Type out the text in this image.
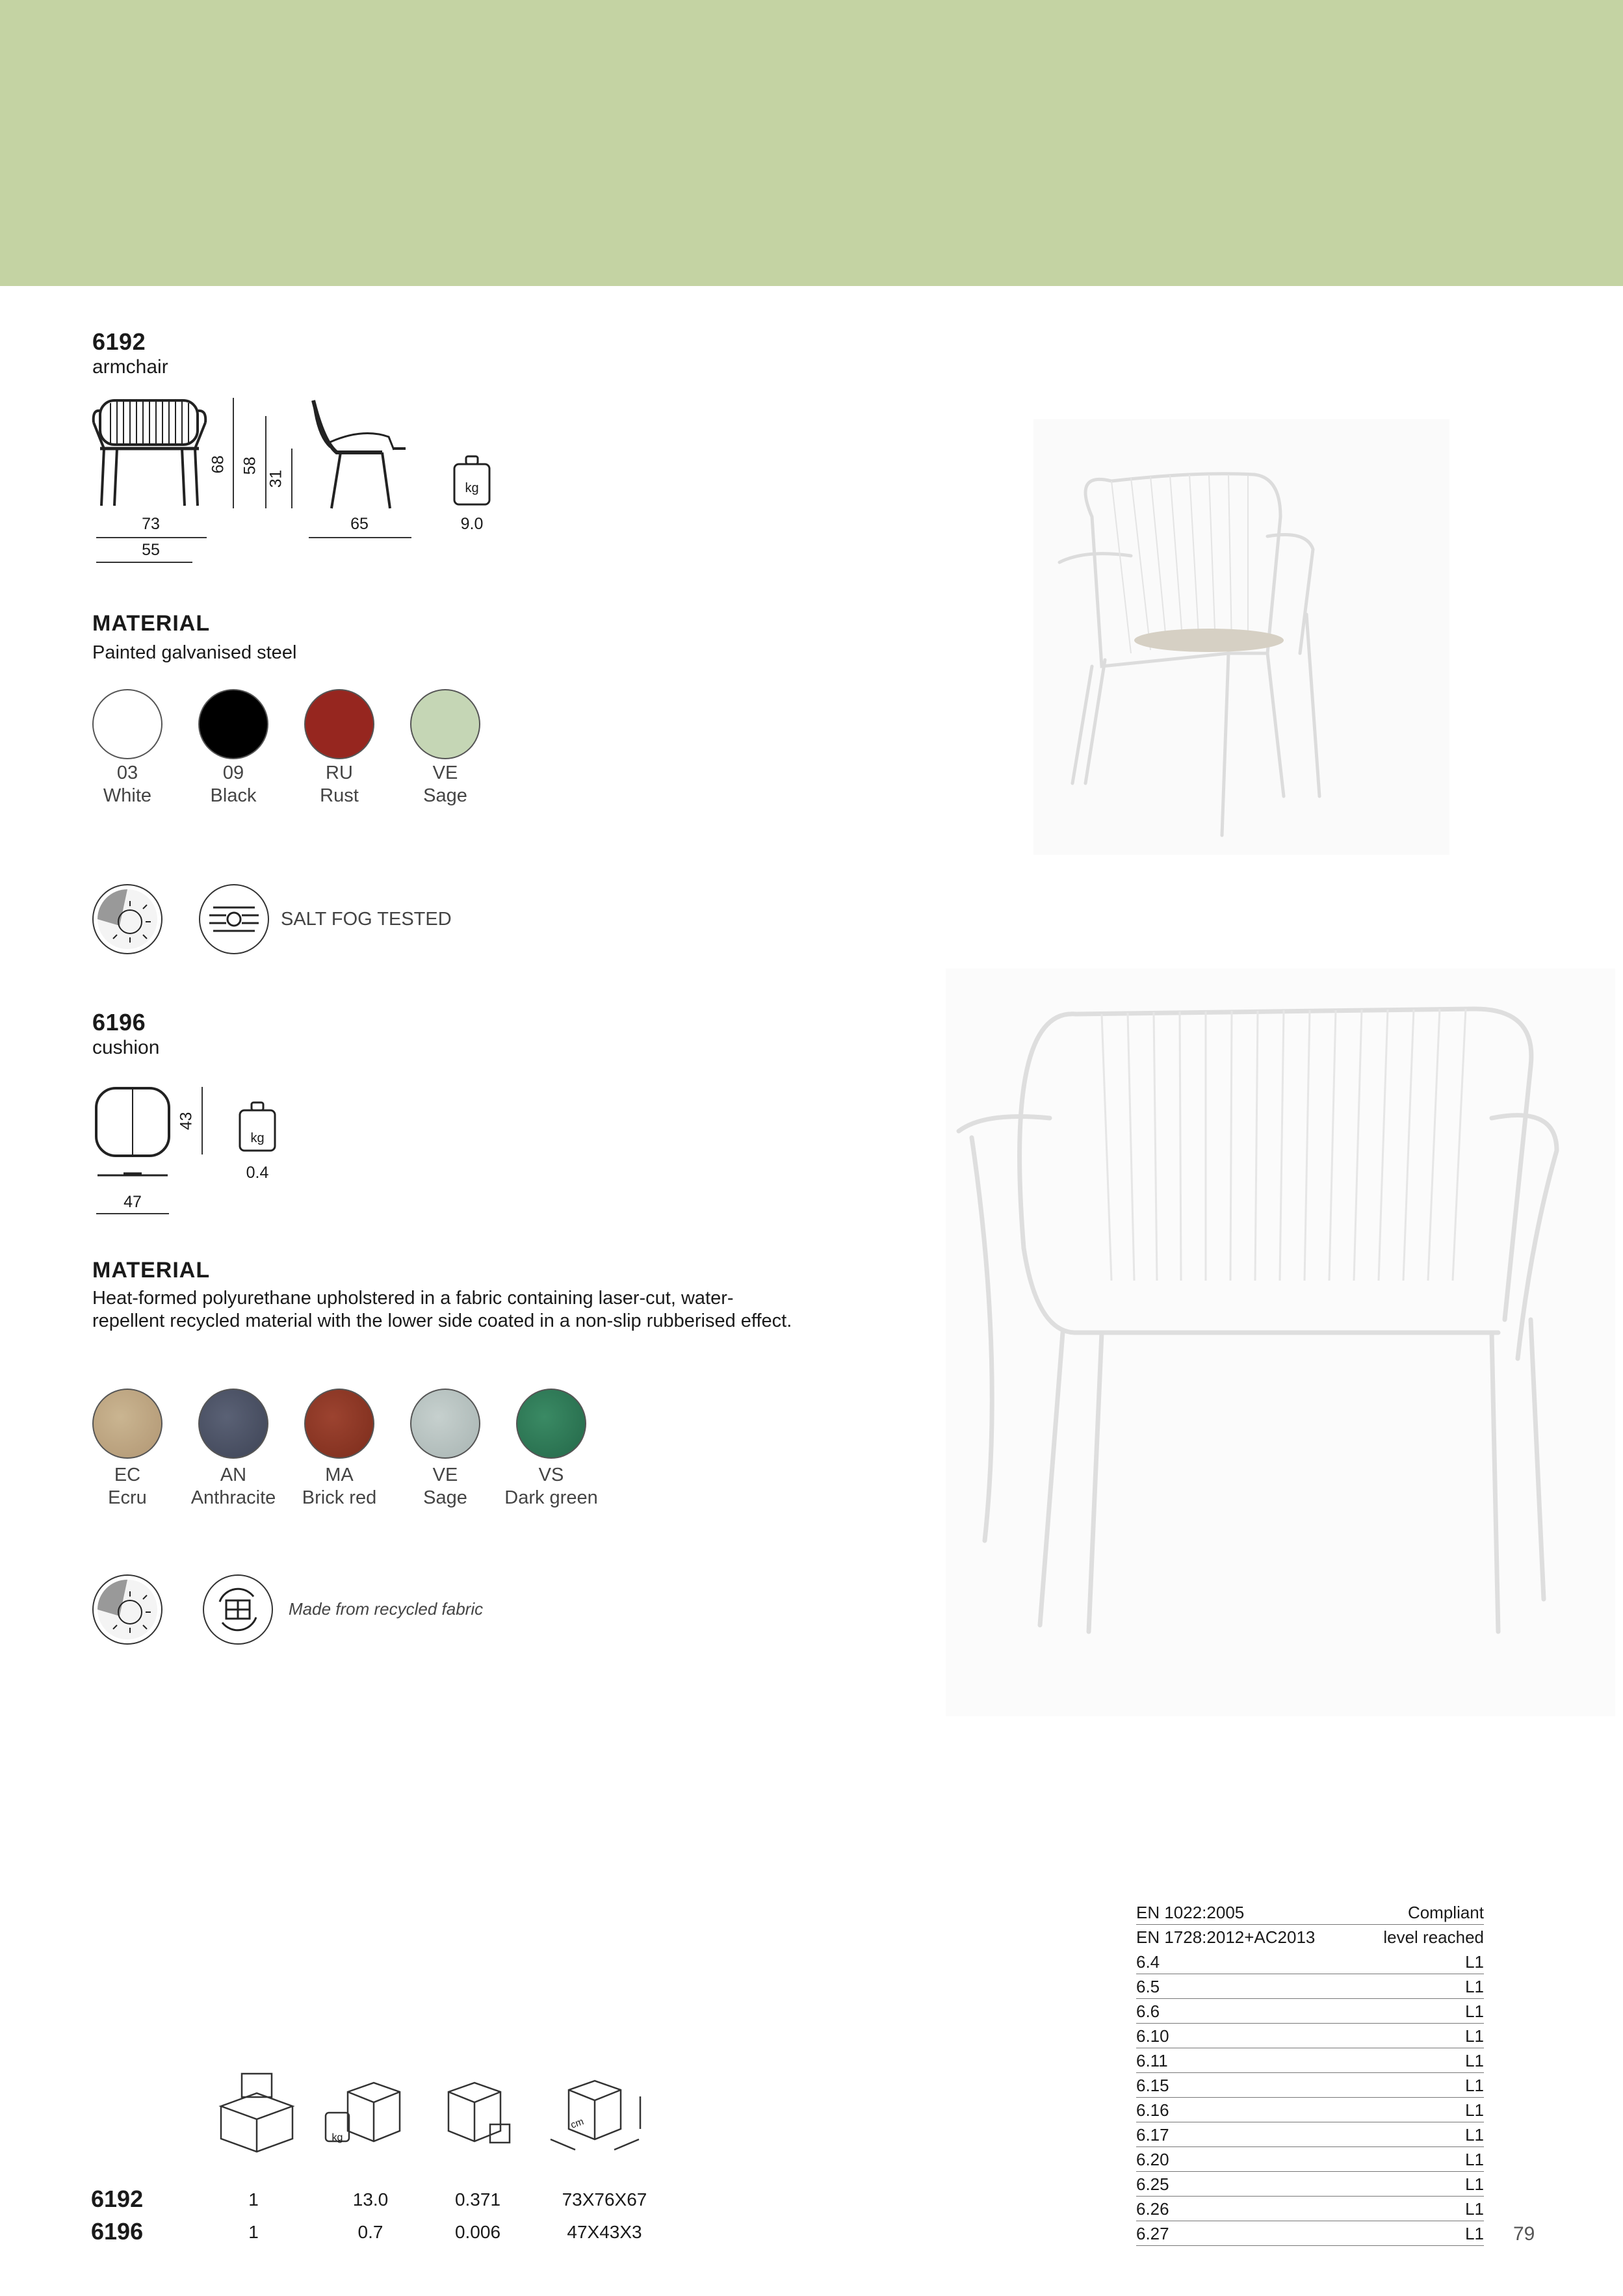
6192
armchair
68 58
31
kg
9.0
73
55
65
MATERIAL
Painted galvanised steel
03
White
09
Black
RU
Rust
VE
Sage
SALT FOG TESTED
6196
cushion
43
kg
0.4
47
MATERIAL
Heat-formed polyurethane upholstered in a fabric containing laser-cut, water-repellent recycled material with the lower side coated in a non-slip rubberised effect.
EC
Ecru
AN
Anthracite
MA
Brick red
VE
Sage
VS
Dark green
Made from recycled fabric
kg
cm
6192	1	13.0	0.371	73X76X67
6196	1	0.7	0.006	47X43X3
EN 1022:2005	Compliant
EN 1728:2012+AC2013	level reached
6.4	L1
6.5	L1
6.6	L1
6.10	L1
6.11	L1
6.15	L1
6.16	L1
6.17	L1
6.20	L1
6.25	L1
6.26	L1
6.27	L1 79
